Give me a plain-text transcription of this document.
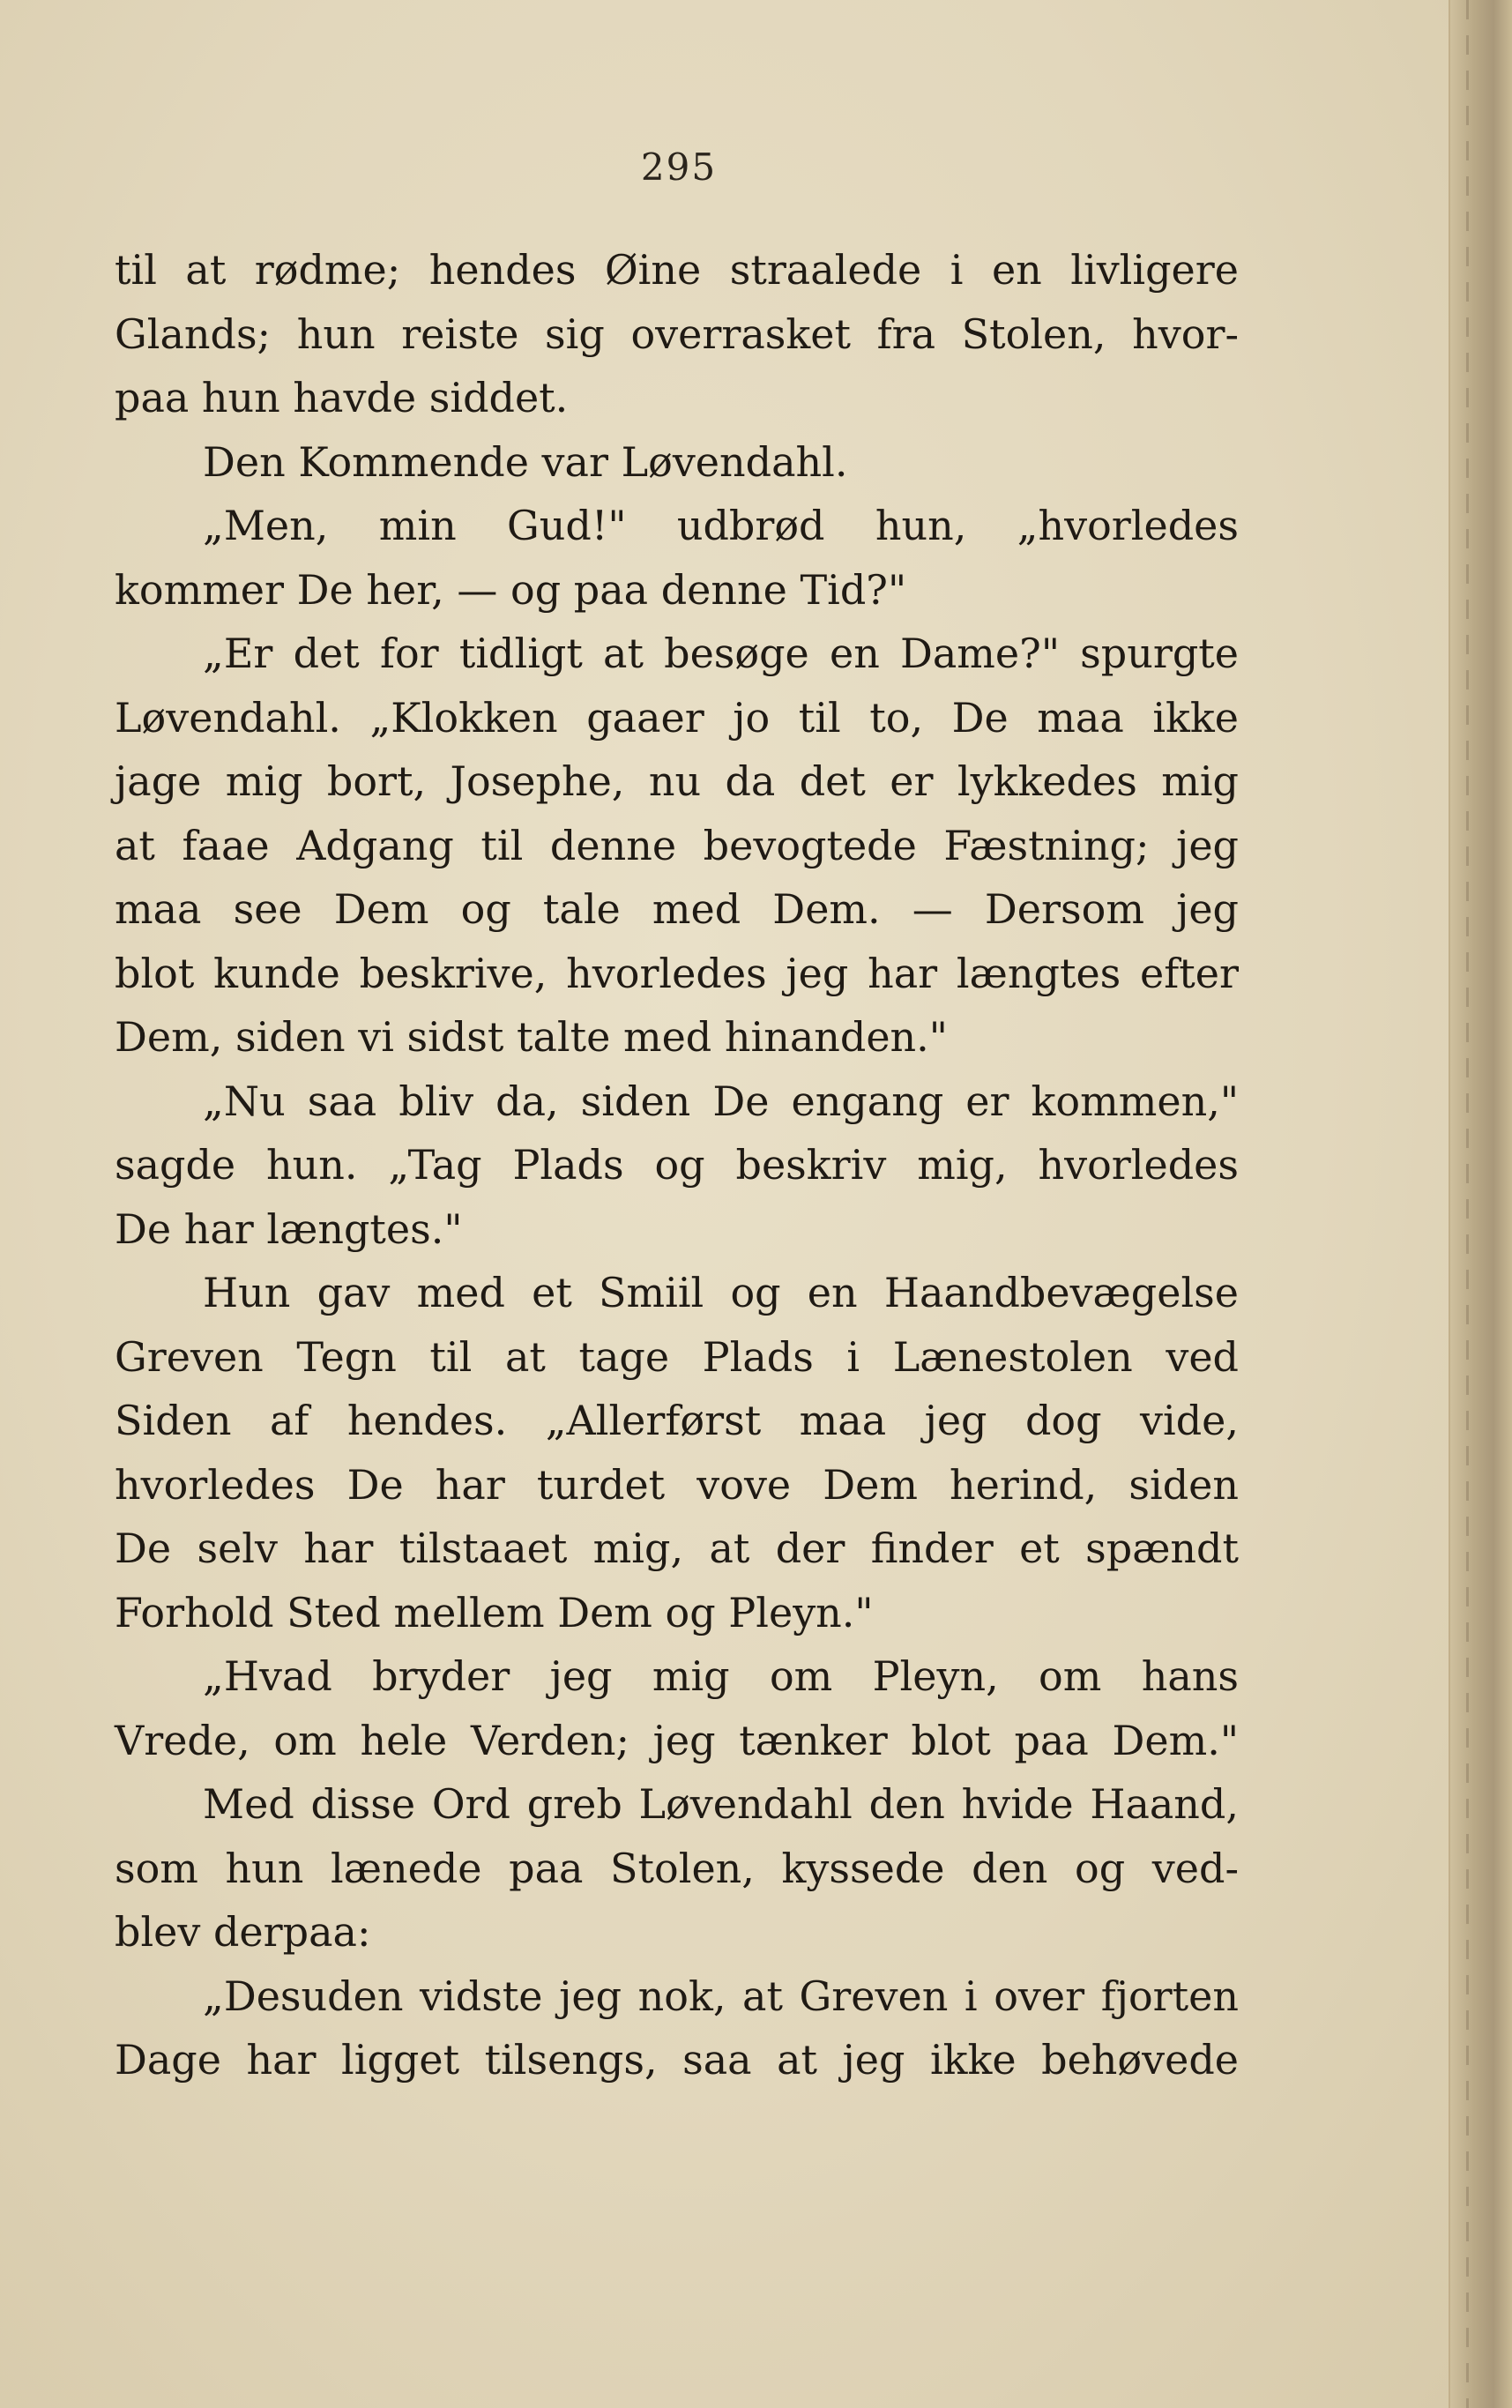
295
til at rødme; hendes Øine straalede i en livligere
Glands; hun reiste sig overrasket fra Stolen, hvor-
paa hun havde siddet.
Den Kommende var Løvendahl.
„Men, min Gud!" udbrød hun, „hvorledes
kommer De her, — og paa denne Tid?"
„Er det for tidligt at besøge en Dame?" spurgte
Løvendahl. „Klokken gaaer jo til to, De maa ikke
jage mig bort, Josephe, nu da det er lykkedes mig
at faae Adgang til denne bevogtede Fæstning; jeg
maa see Dem og tale med Dem. — Dersom jeg
blot kunde beskrive, hvorledes jeg har længtes efter
Dem, siden vi sidst talte med hinanden."
„Nu saa bliv da, siden De engang er kommen,"
sagde hun. „Tag Plads og beskriv mig, hvorledes
De har længtes."
Hun gav med et Smiil og en Haandbevægelse
Greven Tegn til at tage Plads i Lænestolen ved
Siden af hendes. „Allerførst maa jeg dog vide,
hvorledes De har turdet vove Dem herind, siden
De selv har tilstaaet mig, at der finder et spændt
Forhold Sted mellem Dem og Pleyn."
„Hvad bryder jeg mig om Pleyn, om hans
Vrede, om hele Verden; jeg tænker blot paa Dem."
Med disse Ord greb Løvendahl den hvide Haand,
som hun lænede paa Stolen, kyssede den og ved-
blev derpaa:
„Desuden vidste jeg nok, at Greven i over fjorten
Dage har ligget tilsengs, saa at jeg ikke behøvede
